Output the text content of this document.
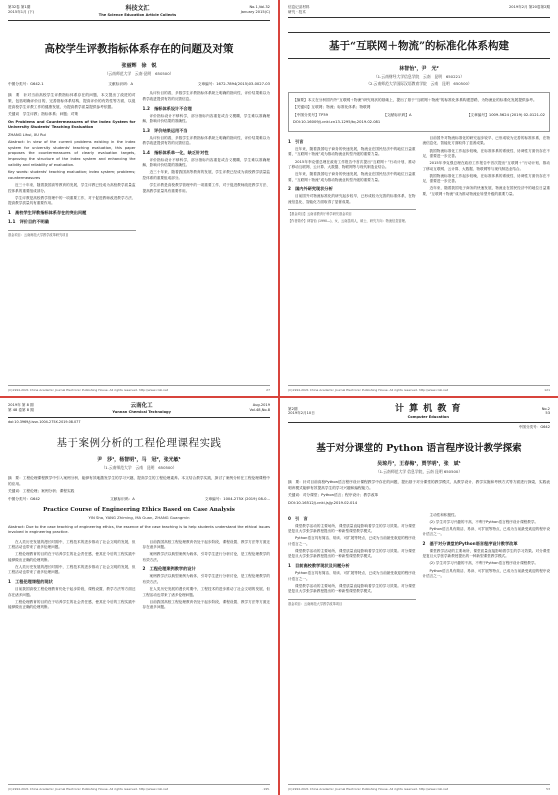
第32卷 第1期
2015年1月 (下)	科技文汇
The Science Education Article Collects
No.1,Vol.32
January 2015(C)
高校学生评教指标体系存在的问题及对策
张丽辉　徐　锐
（云南师范大学　云南·昆明　650500）
中图分类号：G642.1	文献标识码：A	文章编号：1672-7894(2015)03-0027-03
摘　要　针对当前高校学生评教指标体系存在的问题，本文提出了改进的对策，包括明确评价目的，完善指标体系结构，提高评价的有效性等方面，以促进高校学生评教工作的健康发展，为提高教学质量提供参考依据。
关键词　学生评教；指标体系；问题；对策
On Problems and Countermeasures of the Index System for University Students' Teaching Evaluation
ZHANG Lihui, XU Rui
Abstract: In view of the current problems existing in the index system for university students' teaching evaluation, this paper proposes the countermeasures of clearly evaluation targets, improving the structure of the index system and enhancing the validity and reliability of evaluation.
Key words: students' teaching evaluation; index system; problems; countermeasures

近三十年来，随着我国高等教育的发展，学生评教已经成为高校教学质量监控体系的重要组成部分。

学生评教是高校教学管理中的一项重要工作，对于促进教师改进教学方法、提高教学质量具有重要作用。

1　高校学生评教指标体系存在的突出问题
1.1　评价目的不明确
基金项目：云南师范大学教学改革研究项目

从评价目的看，多数学生评教指标体系缺乏明确的指向性，评价结果难以为教学改进提供有效的反馈信息。

1.2　指标体系设计不合理

评价指标设计不够科学，部分指标内容重复或含义模糊，学生难以准确理解，影响评价结果的准确性。

1.3　评价结果运用不当

从评价目的看，多数学生评教指标体系缺乏明确的指向性，评价结果难以为教学改进提供有效的反馈信息。

1.4　指标体系单一化，缺乏针对性

评价指标设计不够科学，部分指标内容重复或含义模糊，学生难以准确理解，影响评价结果的准确性。

近三十年来，随着我国高等教育的发展，学生评教已经成为高校教学质量监控体系的重要组成部分。

学生评教是高校教学管理中的一项重要工作，对于促进教师改进教学方法、提高教学质量具有重要作用。

(C)1994-2021 China Academic Journal Electronic Publishing House. All rights reserved. http://www.cnki.net	27
信息记录材料
研究 · 技术
2019年2月 第20卷第2期
基于“互联网＋物流”的标准化体系构建
林智怡¹，尹　光²
（1.云南财经大学信息学院　云南　昆明　650221）
（2.云南师范大学国际汉语教育学院　云南　昆明　650500）
【摘要】本文在分析国内外“互联网＋物流”研究现状的基础上，提出了基于“互联网＋物流”的标准化体系构建思路，为物流业的标准化发展提供参考。
【关键词】互联网；物流；标准化体系；物联网
【中图分类号】TP39	【文献标识码】A	【文章编号】1009-5624 (2019) 02-0121-02
DOI:10.16009/j.cnki.cn13-1295/tq.2019.02.081
1　引言

近年来，随着我国电子商务的快速发展，物流业在国民经济中的地位日益重要，“互联网＋物流”成为推动物流业转型升级的重要力量。

2015年李克强总理在政府工作报告中首次提出“互联网＋”行动计划，推动了移动互联网、云计算、大数据、物联网等与现代制造业结合。

近年来，随着我国电子商务的快速发展，物流业在国民经济中的地位日益重要，“互联网＋物流”成为推动物流业转型升级的重要力量。

2　国内外研究现状分析

目前国外对物流标准化的研究起步较早，已形成较为完善的标准体系，在物流信息化、智能化方面取得了显著成果。

【基金项目】云南省教育厅科学研究基金项目
【作者简介】林智怡 (1990—)，女，云南昆明人，硕士，研究方向：物流信息管理。

目前国外对物流标准化的研究起步较早，已形成较为完善的标准体系，在物流信息化、智能化方面取得了显著成果。

我国物流标准化工作起步较晚，在标准体系的系统性、协调性方面仍存在不足，需要进一步完善。

2015年李克强总理在政府工作报告中首次提出“互联网＋”行动计划，推动了移动互联网、云计算、大数据、物联网等与现代制造业结合。

我国物流标准化工作起步较晚，在标准体系的系统性、协调性方面仍存在不足，需要进一步完善。

近年来，随着我国电子商务的快速发展，物流业在国民经济中的地位日益重要，“互联网＋物流”成为推动物流业转型升级的重要力量。

(C)1994-2021 China Academic Journal Electronic Publishing House. All rights reserved. http://www.cnki.net	121
2019年 第 8 期
第 48 卷第 8 期
云南化工
Yunnan Chemical Technology
Aug.2019
Vol.48,No.8
doi:10.3969/j.issn.1004-275X.2019.08.077
基于案例分析的工程伦理课程实践
尹　莎¹，杨智明¹，马　冠²，张光敏¹
（1.云南师范大学　云南　昆明　650500）
摘　要：工程伦理课程教学中引入案例分析，能够有效地激发学生的学习兴趣，提高学生的工程伦理素养。本文结合教学实践，探讨了案例分析在工程伦理课程中的应用。
关键词：工程伦理；案例分析；课程实践
中图分类号：G642	文献标识码：A	文章编号：1004-275X (2019) 08-0...
Practice Course of Engineering Ethics Based on Case Analysis
YIN Sha, YANG Zhiming, MA Guan, ZHANG Guangmin
Abstract: Due to the case teaching of engineering ethics, the essence of the case teaching is to help students understand the ethical issues involved in engineering practice.

在人类历史发展的漫长时期中，工程技术的进步推动了社会文明的发展，但工程活动也带来了诸多伦理问题。

工程伦理教育的目的在于培养学生的社会责任感，使其在今后的工程实践中能够做出正确的伦理判断。

在人类历史发展的漫长时期中，工程技术的进步推动了社会文明的发展，但工程活动也带来了诸多伦理问题。

1　工程伦理课程的现状

目前我国高校工程伦理教育仍处于起步阶段，课程设置、教学方法等方面还存在诸多问题。

工程伦理教育的目的在于培养学生的社会责任感，使其在今后的工程实践中能够做出正确的伦理判断。

目前我国高校工程伦理教育仍处于起步阶段，课程设置、教学方法等方面还存在诸多问题。

案例教学法以典型案例为载体，引导学生进行分析讨论，是工程伦理教学的有效方法。

2　工程伦理案例教学的设计

案例教学法以典型案例为载体，引导学生进行分析讨论，是工程伦理教学的有效方法。

在人类历史发展的漫长时期中，工程技术的进步推动了社会文明的发展，但工程活动也带来了诸多伦理问题。

目前我国高校工程伦理教育仍处于起步阶段，课程设置、教学方法等方面还存在诸多问题。

(C)1994-2021 China Academic Journal Electronic Publishing House. All rights reserved. http://www.cnki.net	·195·
第2期
2019年2月10日	计 算 机 教 育
Computer Education
No.2
53
中图分类号：G642
基于对分课堂的 Python 语言程序设计教学探索
吴琼丹¹，王春梅¹，贾学明¹，张　斌¹
（1.云南师范大学 信息学院，云南 昆明 650500）
摘　要：针对目前高校Python语言程序设计课程教学中存在的问题，提出基于对分课堂的教学模式，从教学设计、教学实施和考核方式等方面进行探索，实践表明该模式能够有效提高学生的学习兴趣和编程能力。
关键词：对分课堂；Python语言；程序设计；教学改革
DOI:10.16512/j.cnki.jsjjy.2019.02.014
0　引　言

课堂教学活动的主要场所，课堂质量直接影响着学生的学习效果。对分课堂是复旦大学张学新教授提出的一种新型课堂教学模式。

Python语言具有简洁、易读、可扩展等特点，已成为当前最受欢迎的程序设计语言之一。

课堂教学活动的主要场所，课堂质量直接影响着学生的学习效果。对分课堂是复旦大学张学新教授提出的一种新型课堂教学模式。

1　目前高校教学现状及问题分析

Python语言具有简洁、易读、可扩展等特点，已成为当前最受欢迎的程序设计语言之一。

课堂教学活动的主要场所，课堂质量直接影响着学生的学习效果。对分课堂是复旦大学张学新教授提出的一种新型课堂教学模式。

基金项目：云南师范大学教学改革项目

主动性和积极性。

(2) 学生对学习兴趣的不高，不利于Python语言程序设计课程教学。

Python语言具有简洁、易读、可扩展等特点，已成为当前最受欢迎的程序设计语言之一。

2　基于对分课堂的Python语言程序设计教学改革

课堂教学活动的主要场所，课堂质量直接影响着学生的学习效果。对分课堂是复旦大学张学新教授提出的一种新型课堂教学模式。

(2) 学生对学习兴趣的不高，不利于Python语言程序设计课程教学。

Python语言具有简洁、易读、可扩展等特点，已成为当前最受欢迎的程序设计语言之一。

(C)1994-2021 China Academic Journal Electronic Publishing House. All rights reserved. http://www.cnki.net	53
